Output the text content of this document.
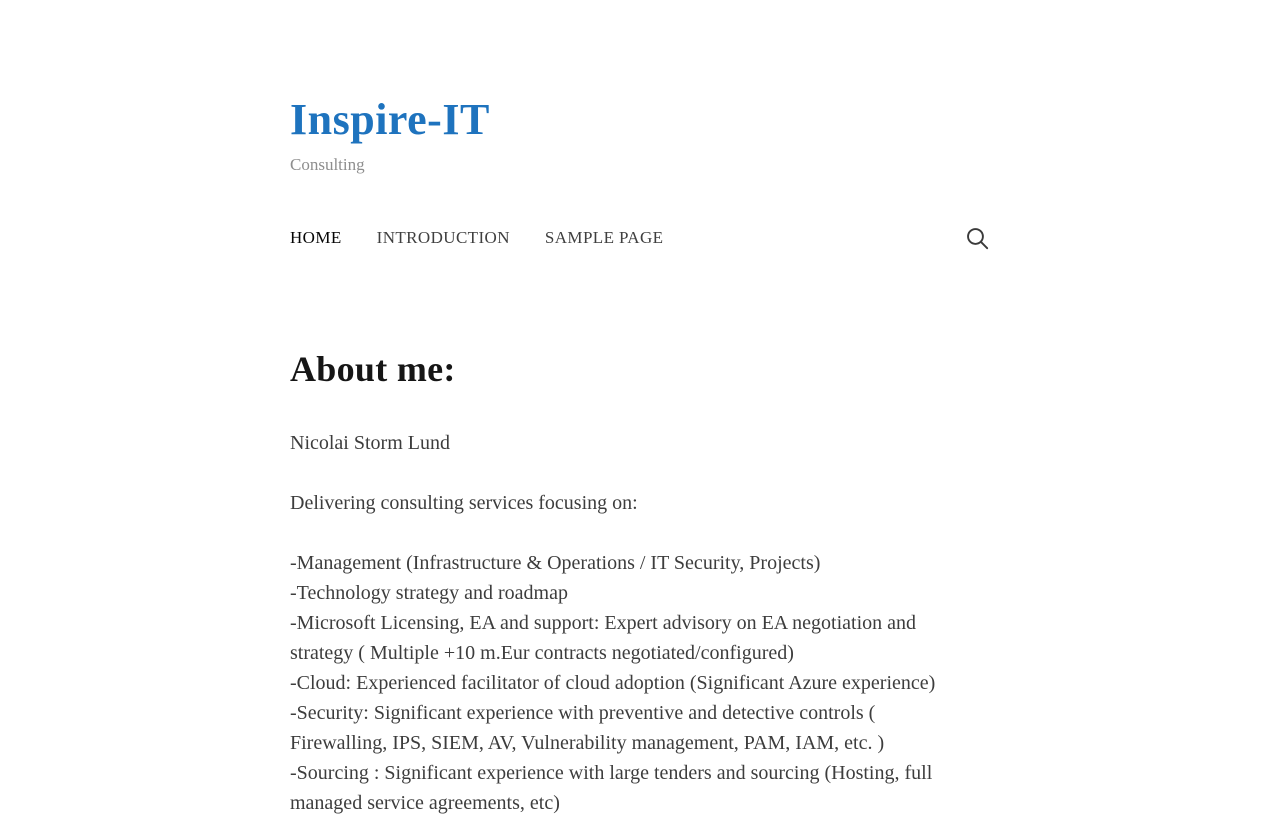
Inspire-IT

Consulting

HOME INTRODUCTION SAMPLE PAGE
About me:

Nicolai Storm Lund

Delivering consulting services focusing on:

-Management (Infrastructure & Operations / IT Security, Projects)
-Technology strategy and roadmap
-Microsoft Licensing, EA and support: Expert advisory on EA negotiation and
strategy ( Multiple +10 m.Eur contracts negotiated/configured)
-Cloud: Experienced facilitator of cloud adoption (Significant Azure experience)
-Security: Significant experience with preventive and detective controls (
Firewalling, IPS, SIEM, AV, Vulnerability management, PAM, IAM, etc. )
-Sourcing : Significant experience with large tenders and sourcing (Hosting, full
managed service agreements, etc)
